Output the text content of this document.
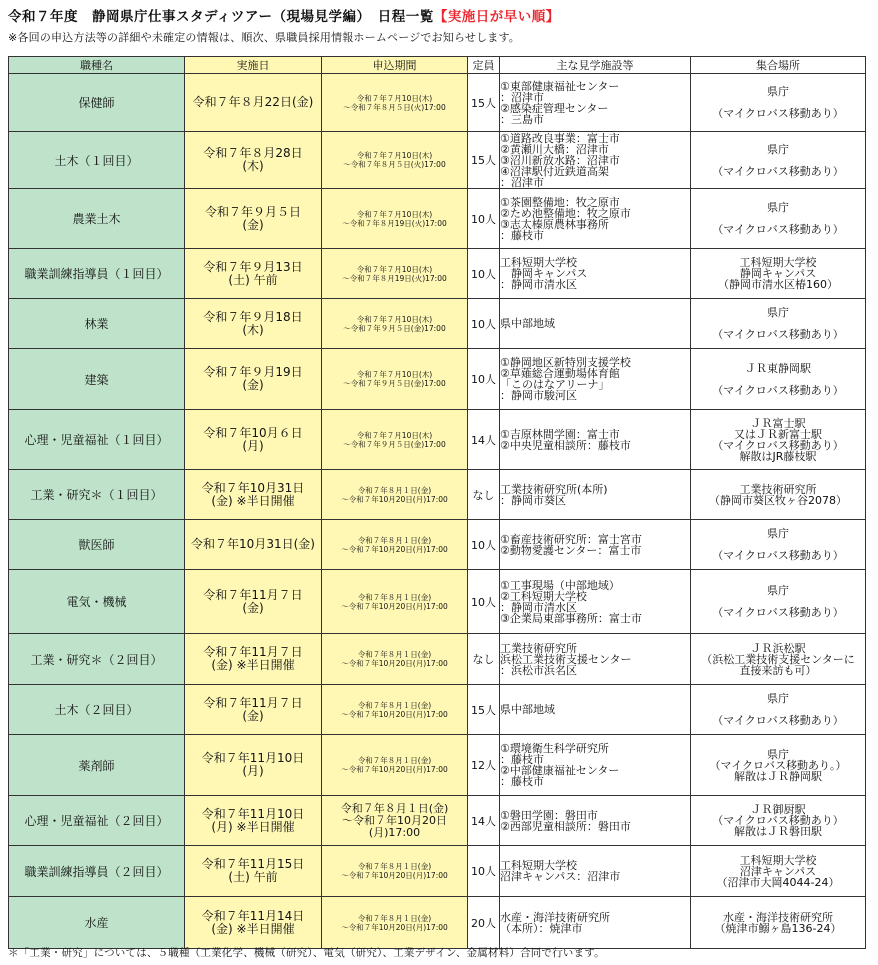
令和７年度　静岡県庁仕事スタディツアー（現場見学編）　日程一覧【実施日が早い順】
※各回の申込方法等の詳細や未確定の情報は、順次、県職員採用情報ホームページでお知らせします。
職種名	実施日	申込期間	定員	主な見学施設等	集合場所
保健師	令和７年８月22日(金)	令和７年７月10日(木)
～令和７年８月５日(火)17:00	15人	①東部健康福祉センター
：沼津市
②感染症管理センター
：三島市	県庁
（マイクロバス移動あり）

土木（１回目）	令和７年８月28日
(木)	令和７年７月10日(木)
～令和７年８月５日(火)17:00	15人	①道路改良事業：富士市
②黄瀬川大橋：沼津市
③沼川新放水路：沼津市
④沼津駅付近鉄道高架
：沼津市	県庁
（マイクロバス移動あり）

農業土木	令和７年９月５日
(金)	令和７年７月10日(木)
～令和７年８月19日(火)17:00	10人	①茶園整備地：牧之原市
②ため池整備地：牧之原市
③志太榛原農林事務所
：藤枝市	県庁
（マイクロバス移動あり）

職業訓練指導員（１回目）	令和７年９月13日
(土) 午前	令和７年７月10日(木)
～令和７年８月19日(火)17:00	10人	工科短期大学校
　静岡キャンパス
：静岡市清水区	工科短期大学校
静岡キャンパス
（静岡市清水区椿160）

林業	令和７年９月18日
(木)	令和７年７月10日(木)
～令和７年９月５日(金)17:00	10人	県中部地域	県庁
（マイクロバス移動あり）

建築	令和７年９月19日
(金)	令和７年７月10日(木)
～令和７年９月５日(金)17:00	10人	①静岡地区新特別支援学校
②草薙総合運動場体育館
「このはなアリーナ」
：静岡市駿河区	ＪＲ東静岡駅
（マイクロバス移動あり）

心理・児童福祉（１回目）	令和７年10月６日
(月)	令和７年７月10日(木)
～令和７年９月５日(金)17:00	14人	①吉原林間学園：富士市
②中央児童相談所：藤枝市	ＪＲ富士駅
又はＪＲ新富士駅
（マイクロバス移動あり）
解散はJR藤枝駅

工業・研究＊（１回目）	令和７年10月31日
(金) ※半日開催	令和７年８月１日(金)
～令和７年10月20日(月)17:00	なし	工業技術研究所(本所)
：静岡市葵区	工業技術研究所
（静岡市葵区牧ヶ谷2078）

獣医師	令和７年10月31日(金)	令和７年８月１日(金)
～令和７年10月20日(月)17:00	10人	①畜産技術研究所：富士宮市
②動物愛護センター：富士市	県庁
（マイクロバス移動あり）

電気・機械	令和７年11月７日
(金)	令和７年８月１日(金)
～令和７年10月20日(月)17:00	10人	①工事現場（中部地域）
②工科短期大学校
：静岡市清水区
③企業局東部事務所：富士市	県庁
（マイクロバス移動あり）

工業・研究＊（２回目）	令和７年11月７日
(金) ※半日開催	令和７年８月１日(金)
～令和７年10月20日(月)17:00	なし	工業技術研究所
浜松工業技術支援センター
：浜松市浜名区	ＪＲ浜松駅
（浜松工業技術支援センターに
直接来訪も可）

土木（２回目）	令和７年11月７日
(金)	令和７年８月１日(金)
～令和７年10月20日(月)17:00	15人	県中部地域	県庁
（マイクロバス移動あり）

薬剤師	令和７年11月10日
(月)	令和７年８月１日(金)
～令和７年10月20日(月)17:00	12人	①環境衛生科学研究所
：藤枝市
②中部健康福祉センター
：藤枝市	県庁
（マイクロバス移動あり。）
解散はＪＲ静岡駅

心理・児童福祉（２回目）	令和７年11月10日
(月) ※半日開催	令和７年８月１日(金)
～令和７年10月20日
(月)17:00	14人	①磐田学園：磐田市
②西部児童相談所：磐田市	ＪＲ御厨駅
（マイクロバス移動あり）
解散はＪＲ磐田駅

職業訓練指導員（２回目）	令和７年11月15日
(土) 午前	令和７年８月１日(金)
～令和７年10月20日(月)17:00	10人	工科短期大学校
沼津キャンパス：沼津市	工科短期大学校
沼津キャンパス
（沼津市大岡4044-24）

水産	令和７年11月14日
(金) ※半日開催	令和７年８月１日(金)
～令和７年10月20日(月)17:00	20人	水産・海洋技術研究所
（本所）：焼津市	水産・海洋技術研究所
（焼津市鰯ヶ島136-24）
＊「工業・研究」については、５職種（工業化学、機械（研究）、電気（研究）、工業デザイン、金属材料）合同で行います。
